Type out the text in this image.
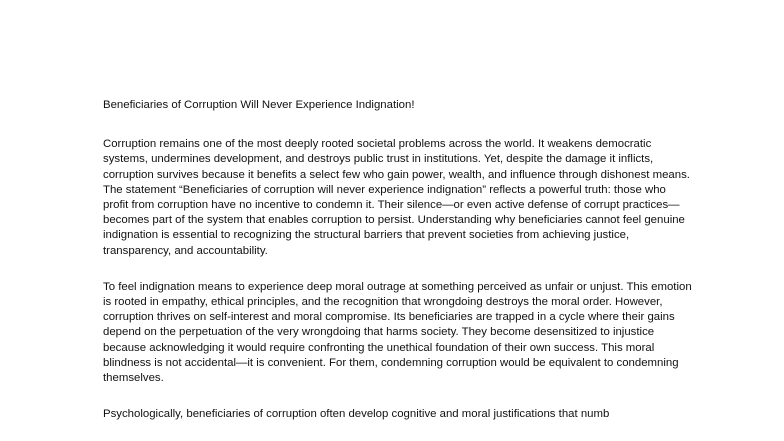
Beneficiaries of Corruption Will Never Experience Indignation!

Corruption remains one of the most deeply rooted societal problems across the world. It weakens democratic systems, undermines development, and destroys public trust in institutions. Yet, despite the damage it inflicts, corruption survives because it benefits a select few who gain power, wealth, and influence through dishonest means. The statement “Beneficiaries of corruption will never experience indignation” reflects a powerful truth: those who profit from corruption have no incentive to condemn it. Their silence—or even active defense of corrupt practices—becomes part of the system that enables corruption to persist. Understanding why beneficiaries cannot feel genuine indignation is essential to recognizing the structural barriers that prevent societies from achieving justice, transparency, and accountability.

To feel indignation means to experience deep moral outrage at something perceived as unfair or unjust. This emotion is rooted in empathy, ethical principles, and the recognition that wrongdoing destroys the moral order. However, corruption thrives on self-interest and moral compromise. Its beneficiaries are trapped in a cycle where their gains depend on the perpetuation of the very wrongdoing that harms society. They become desensitized to injustice because acknowledging it would require confronting the unethical foundation of their own success. This moral blindness is not accidental—it is convenient. For them, condemning corruption would be equivalent to condemning themselves.

Psychologically, beneficiaries of corruption often develop cognitive and moral justifications that numb
